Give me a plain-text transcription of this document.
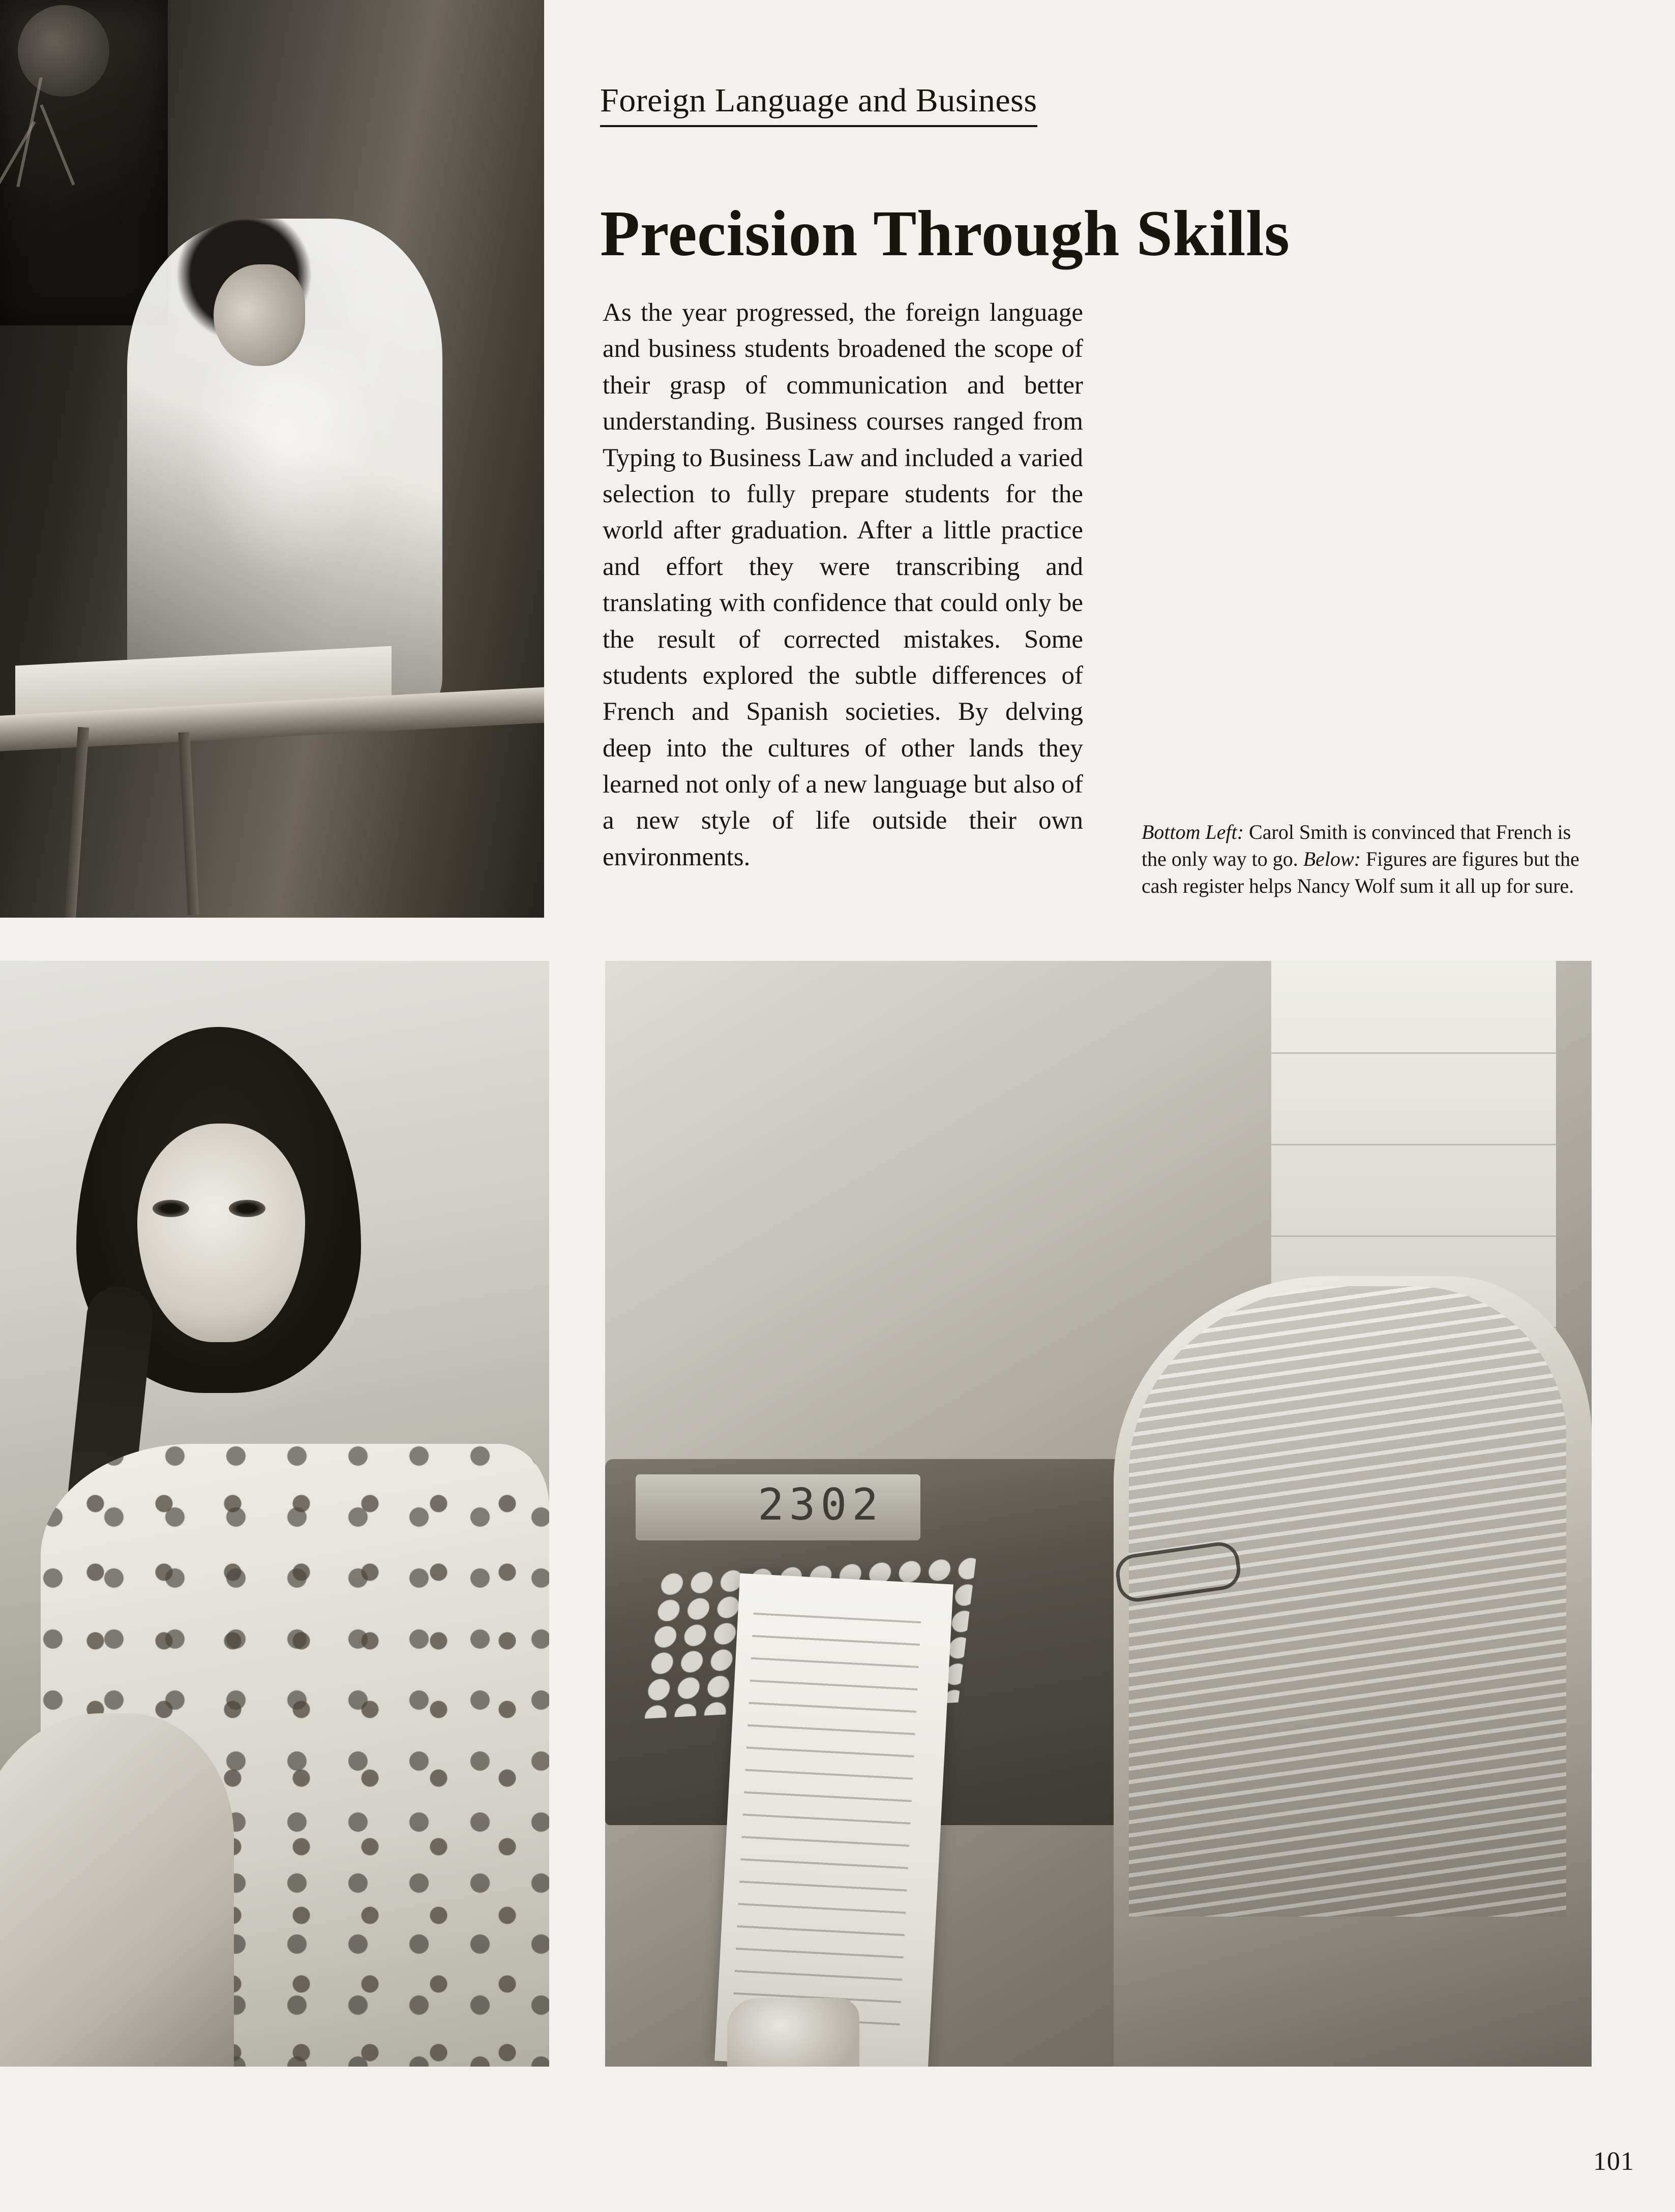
2302
Foreign Language and Business
Precision Through Skills
As the year progressed, the foreign language and business students broadened the scope of their grasp of communication and better understanding. Business courses ranged from Typing to Business Law and included a varied selection to fully prepare students for the world after graduation. After a little practice and effort they were transcribing and translating with confidence that could only be the result of corrected mistakes. Some students explored the subtle differences of French and Spanish societies. By delving deep into the cultures of other lands they learned not only of a new language but also of a new style of life outside their own environments.
Bottom Left: Carol Smith is convinced that French is the only way to go. Below: Figures are figures but the cash register helps Nancy Wolf sum it all up for sure.
101
